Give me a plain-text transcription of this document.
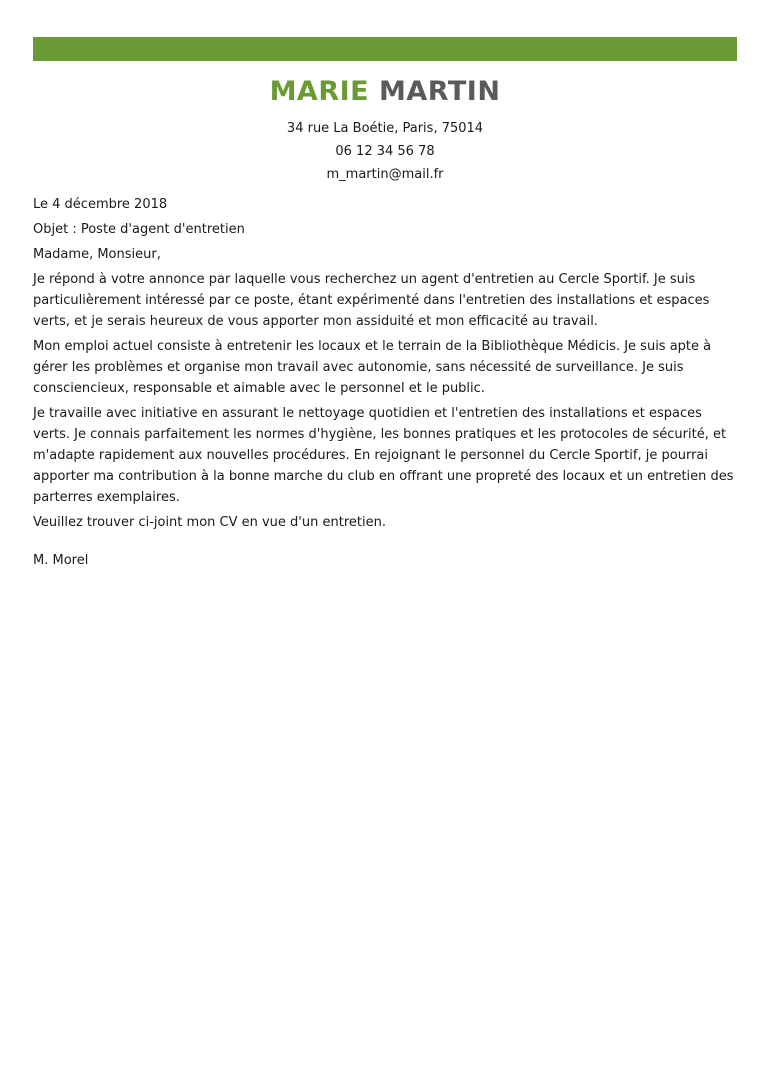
MARIE MARTIN

34 rue La Boétie, Paris, 75014

06 12 34 56 78

m_martin@mail.fr

Le 4 décembre 2018

Objet : Poste d'agent d'entretien

Madame, Monsieur,

Je répond à votre annonce par laquelle vous recherchez un agent d'entretien au Cercle Sportif. Je suis particulièrement intéressé par ce poste, étant expérimenté dans l'entretien des installations et espaces verts, et je serais heureux de vous apporter mon assiduité et mon efficacité au travail.

Mon emploi actuel consiste à entretenir les locaux et le terrain de la Bibliothèque Médicis. Je suis apte à gérer les problèmes et organise mon travail avec autonomie, sans nécessité de surveillance. Je suis consciencieux, responsable et aimable avec le personnel et le public.

Je travaille avec initiative en assurant le nettoyage quotidien et l'entretien des installations et espaces verts. Je connais parfaitement les normes d'hygiène, les bonnes pratiques et les protocoles de sécurité, et m'adapte rapidement aux nouvelles procédures. En rejoignant le personnel du Cercle Sportif, je pourrai apporter ma contribution à la bonne marche du club en offrant une propreté des locaux et un entretien des parterres exemplaires.

Veuillez trouver ci-joint mon CV en vue d'un entretien.

M. Morel
